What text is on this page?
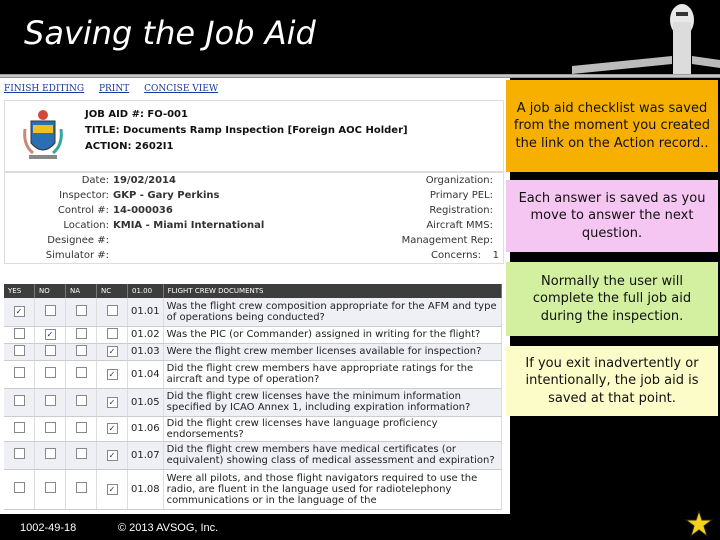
Saving the Job Aid
FINISH EDITING PRINT CONCISE VIEW
JOB AID #: FO-001
TITLE: Documents Ramp Inspection [Foreign AOC Holder]
ACTION: 2602I1
Date: 19/02/2014
Inspector: GKP - Gary Perkins
Control #: 14-000036
Location: KMIA - Miami International
Designee #:
Simulator #:
Organization:
Primary PEL:
Registration:
Aircraft MMS:
Management Rep:
Concerns:	1
YES	NO	NA	NC	01.00	FLIGHT CREW DOCUMENTS
✓				01.01	Was the flight crew composition appropriate for the AFM and type of operations being conducted?
	✓			01.02	Was the PIC (or Commander) assigned in writing for the flight?
			✓	01.03	Were the flight crew member licenses available for inspection?
			✓	01.04	Did the flight crew members have appropriate ratings for the aircraft and type of operation?
			✓	01.05	Did the flight crew licenses have the minimum information specified by ICAO Annex 1, including expiration information?
			✓	01.06	Did the flight crew licenses have language proficiency endorsements?
			✓	01.07	Did the flight crew members have medical certificates (or equivalent) showing class of medical assessment and expiration?
			✓	01.08	Were all pilots, and those flight navigators required to use the radio, are fluent in the language used for radiotelephony communications or in the language of the
A job aid checklist was saved from the moment you created the link on the Action record..
Each answer is saved as you move to answer the next question.
Normally the user will complete the full job aid during the inspection.
If you exit inadvertently or intentionally, the job aid is saved at that point.
1002-49-18	© 2013 AVSOG, Inc.
